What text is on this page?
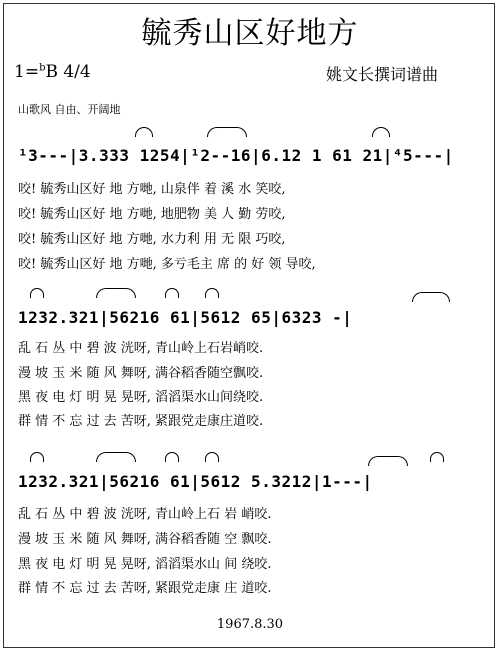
毓秀山区好地方
1=$^b$B 4/4	姚文长撰词谱曲
山歌风 自由、开阔地
¹3---|3.333 1254|¹2--16|6.12 1 61 21|⁴5---|
咬! 毓秀山区好 地 方哋, 山泉伴 着 溪 水 笑咬,
咬! 毓秀山区好 地 方哋, 地肥物 美 人 勤 劳咬,
咬! 毓秀山区好 地 方哋, 水力利 用 无 限 巧咬,
咬! 毓秀山区好 地 方哋, 多亏毛主 席 的 好 领 导咬,
1232.321|56216 61|5612 65|6323 -|
乱 石 丛 中 碧 波 洸呀, 青山岭上石岩峭咬.
漫 坡 玉 米 随 风 舞呀, 满谷稻香随空飘咬.
黑 夜 电 灯 明 晃 晃呀, 滔滔渠水山间绕咬.
群 情 不 忘 过 去 苦呀, 紧跟党走康庄道咬.
1232.321|56216 61|5612 5.3212|1---|
乱 石 丛 中 碧 波 洸呀, 青山岭上石 岩 峭咬.
漫 坡 玉 米 随 风 舞呀, 满谷稻香随 空 飘咬.
黑 夜 电 灯 明 晃 晃呀, 滔滔渠水山 间 绕咬.
群 情 不 忘 过 去 苦呀, 紧跟党走康 庄 道咬.
1967.8.30
